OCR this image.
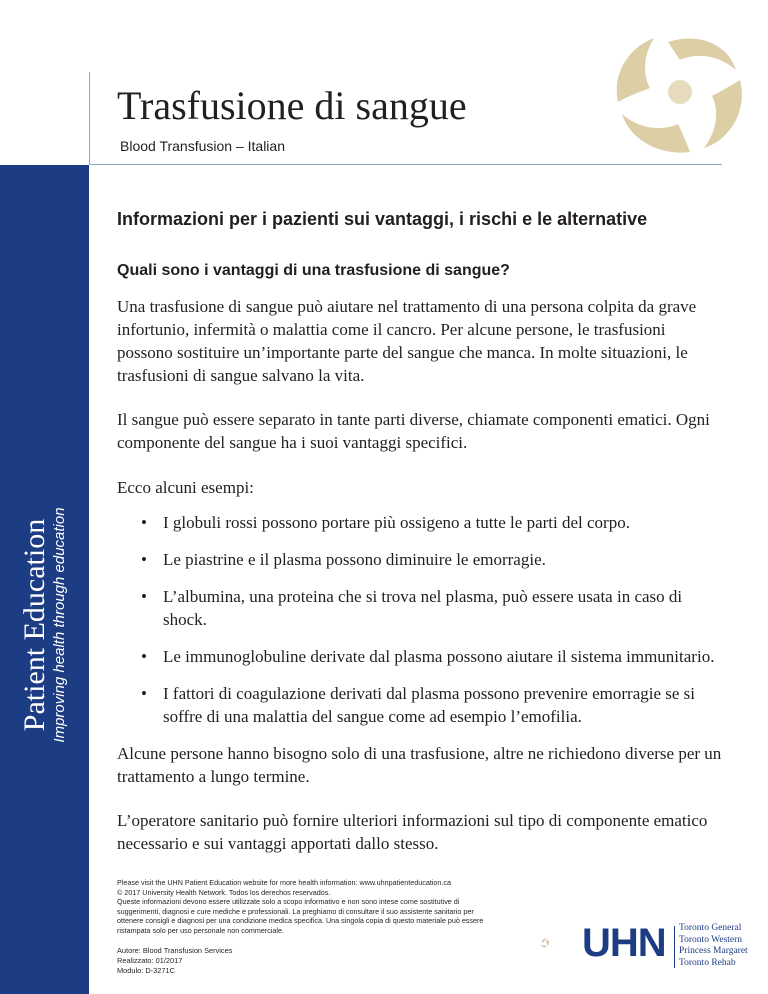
Trasfusione di sangue
Blood Transfusion – Italian
Patient Education Improving health through education
Informazioni per i pazienti sui vantaggi, i rischi e le alternative
Quali sono i vantaggi di una trasfusione di sangue?

Una trasfusione di sangue può aiutare nel trattamento di una persona colpita da grave infortunio, infermità o malattia come il cancro. Per alcune persone, le trasfusioni possono sostituire un’importante parte del sangue che manca. In molte situazioni, le trasfusioni di sangue salvano la vita.

Il sangue può essere separato in tante parti diverse, chiamate componenti ematici. Ogni componente del sangue ha i suoi vantaggi specifici.

Ecco alcuni esempi:

• I globuli rossi possono portare più ossigeno a tutte le parti del corpo.
• Le piastrine e il plasma possono diminuire le emorragie.
• L’albumina, una proteina che si trova nel plasma, può essere usata in caso di shock.
• Le immunoglobuline derivate dal plasma possono aiutare il sistema immunitario.
• I fattori di coagulazione derivati dal plasma possono prevenire emorragie se si soffre di una malattia del sangue come ad esempio l’emofilia.

Alcune persone hanno bisogno solo di una trasfusione, altre ne richiedono diverse per un trattamento a lungo termine.

L’operatore sanitario può fornire ulteriori informazioni sul tipo di componente ematico necessario e sui vantaggi apportati dallo stesso.

Please visit the UHN Patient Education website for more health information: www.uhnpatienteducation.ca
© 2017 University Health Network. Todos los derechos reservados.
Queste informazioni devono essere utilizzate solo a scopo informativo e non sono intese come sostitutive di suggerimenti, diagnosi e cure mediche e professionali. La preghiamo di consultare il suo assistente sanitario per ottenere consigli e diagnosi per una condizione medica specifica. Una singola copia di questo materiale può essere ristampata solo per uso personale non commerciale.
Autore: Blood Transfusion Services
Realizzato: 01/2017
Modulo: D-3271C
UHN Toronto General
Toronto Western
Princess Margaret
Toronto Rehab
